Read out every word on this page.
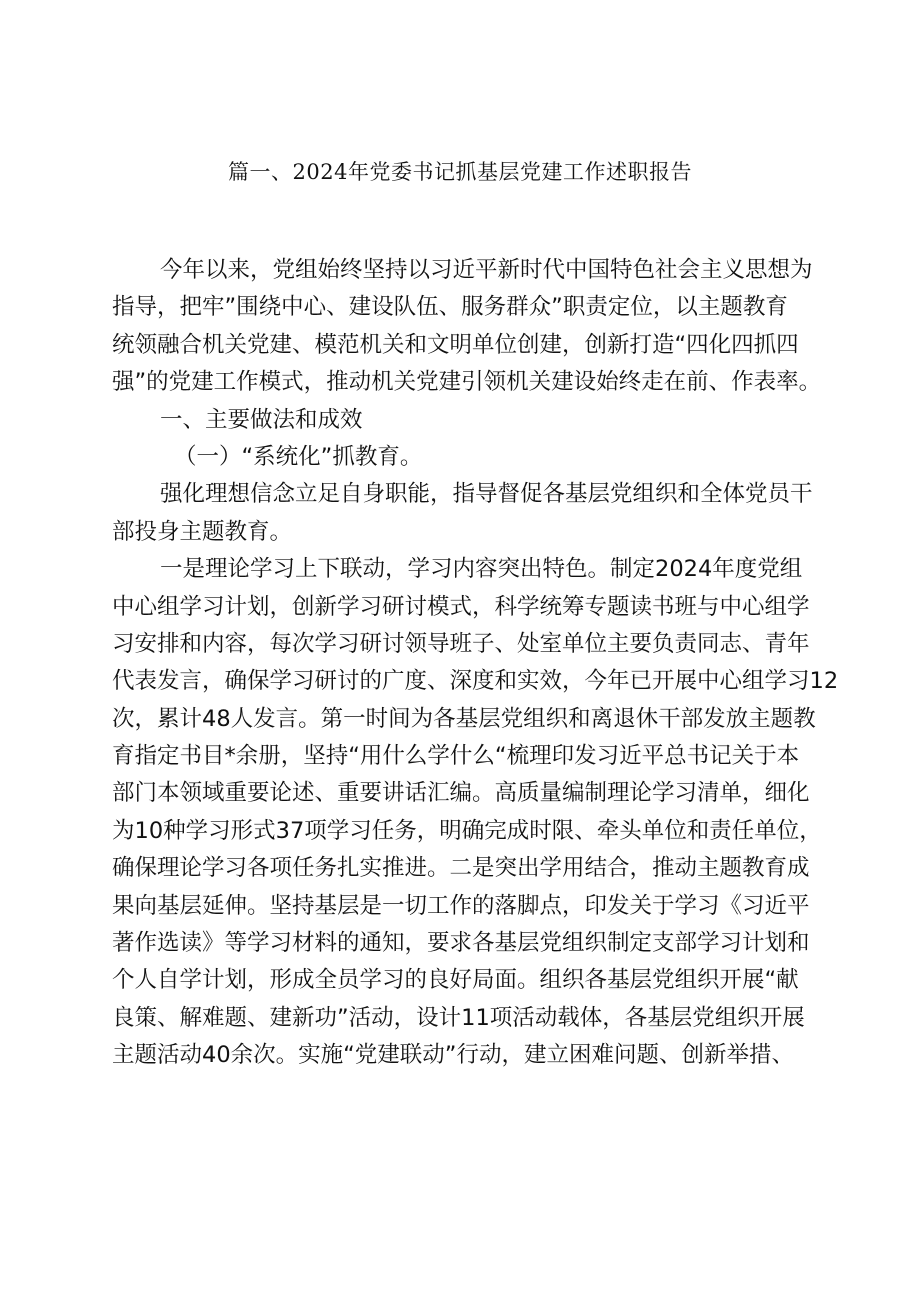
篇一、2024年党委书记抓基层党建工作述职报告
今年以来，党组始终坚持以习近平新时代中国特色社会主义思想为
指导，把牢”围绕中心、建设队伍、服务群众”职责定位，以主题教育
统领融合机关党建、模范机关和文明单位创建，创新打造“四化四抓四
强”的党建工作模式，推动机关党建引领机关建设始终走在前、作表率。
一、主要做法和成效
（一）“系统化”抓教育。
强化理想信念立足自身职能，指导督促各基层党组织和全体党员干
部投身主题教育。
一是理论学习上下联动，学习内容突出特色。制定2024年度党组
中心组学习计划，创新学习研讨模式，科学统筹专题读书班与中心组学
习安排和内容，每次学习研讨领导班子、处室单位主要负责同志、青年
代表发言，确保学习研讨的广度、深度和实效，今年已开展中心组学习12
次，累计48人发言。第一时间为各基层党组织和离退休干部发放主题教
育指定书目*余册，坚持“用什么学什么“梳理印发习近平总书记关于本
部门本领域重要论述、重要讲话汇编。高质量编制理论学习清单，细化
为10种学习形式37项学习任务，明确完成时限、牵头单位和责任单位，
确保理论学习各项任务扎实推进。二是突出学用结合，推动主题教育成
果向基层延伸。坚持基层是一切工作的落脚点，印发关于学习《习近平
著作选读》等学习材料的通知，要求各基层党组织制定支部学习计划和
个人自学计划，形成全员学习的良好局面。组织各基层党组织开展“献
良策、解难题、建新功”活动，设计11项活动载体，各基层党组织开展
主题活动40余次。实施“党建联动”行动，建立困难问题、创新举措、
